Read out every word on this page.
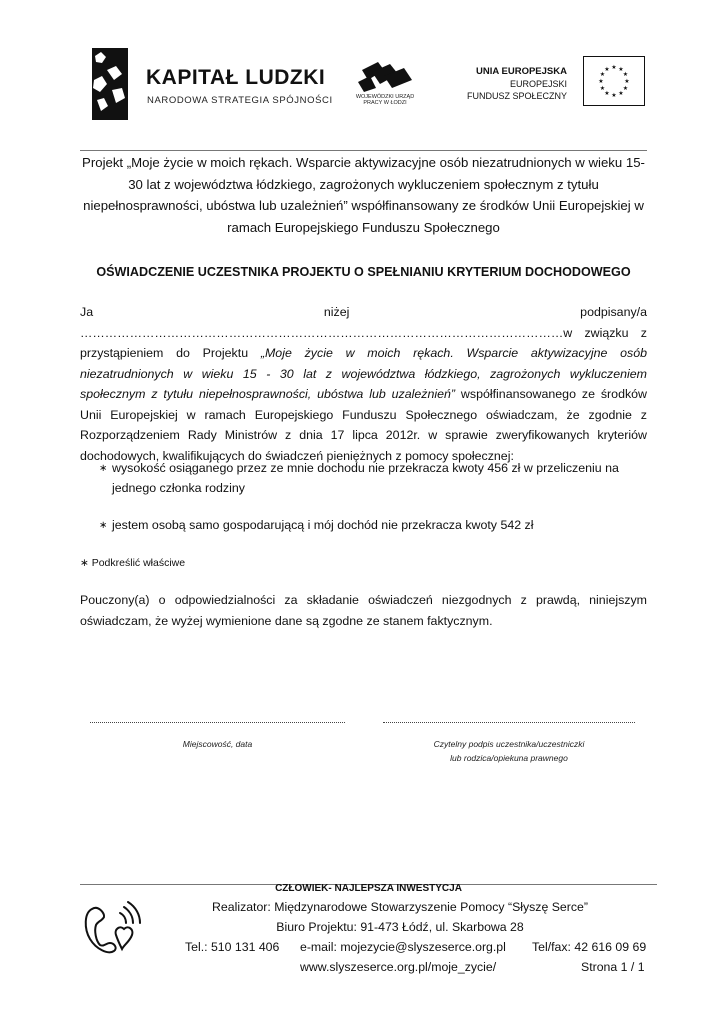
KAPITAŁ LUDZKI
NARODOWA STRATEGIA SPÓJNOŚCI	WOJEWÓDZKI URZĄD PRACY W ŁODZI
UNIA EUROPEJSKA
EUROPEJSKI
FUNDUSZ SPOŁECZNY
★ ★
★
★
★
★
★
★
★
★
★
★
Projekt „Moje życie w moich rękach. Wsparcie aktywizacyjne osób niezatrudnionych w wieku 15-30 lat z województwa łódzkiego, zagrożonych wykluczeniem społecznym z tytułu niepełnosprawności, ubóstwa lub uzależnień” współfinansowany ze środków Unii Europejskiej w ramach Europejskiego Funduszu Społecznego
OŚWIADCZENIE UCZESTNIKA PROJEKTU O SPEŁNIANIU KRYTERIUM DOCHODOWEGO
Ja niżej podpisany/a ………………………………………………………………………………………………………w związku z przystąpieniem do Projektu „Moje życie w moich rękach. Wsparcie aktywizacyjne osób niezatrudnionych w wieku 15 - 30 lat z województwa łódzkiego, zagrożonych wykluczeniem społecznym z tytułu niepełnosprawności, ubóstwa lub uzależnień” współfinansowanego ze środków Unii Europejskiej w ramach Europejskiego Funduszu Społecznego oświadczam, że zgodnie z Rozporządzeniem Rady Ministrów z dnia 17 lipca 2012r. w sprawie zweryfikowanych kryteriów dochodowych, kwalifikujących do świadczeń pieniężnych z pomocy społecznej:
∗ wysokość osiąganego przez ze mnie dochodu nie przekracza kwoty 456 zł w przeliczeniu na jednego członka rodziny
∗ jestem osobą samo gospodarującą i mój dochód nie przekracza kwoty 542 zł
∗ Podkreślić właściwe
Pouczony(a) o odpowiedzialności za składanie oświadczeń niezgodnych z prawdą, niniejszym oświadczam, że wyżej wymienione dane są zgodne ze stanem faktycznym.
Miejscowość, data	Czytelny podpis uczestnika/uczestniczki
lub rodzica/opiekuna prawnego
CZŁOWIEK- NAJLEPSZA INWESTYCJA
Realizator: Międzynarodowe Stowarzyszenie Pomocy “Słyszę Serce”
Biuro Projektu: 91-473 Łódź, ul. Skarbowa 28
Tel.: 510 131 406 e-mail: mojezycie@slyszeserce.org.pl Tel/fax: 42 616 09 69
www.slyszeserce.org.pl/moje_zycie/	Strona 1 / 1
